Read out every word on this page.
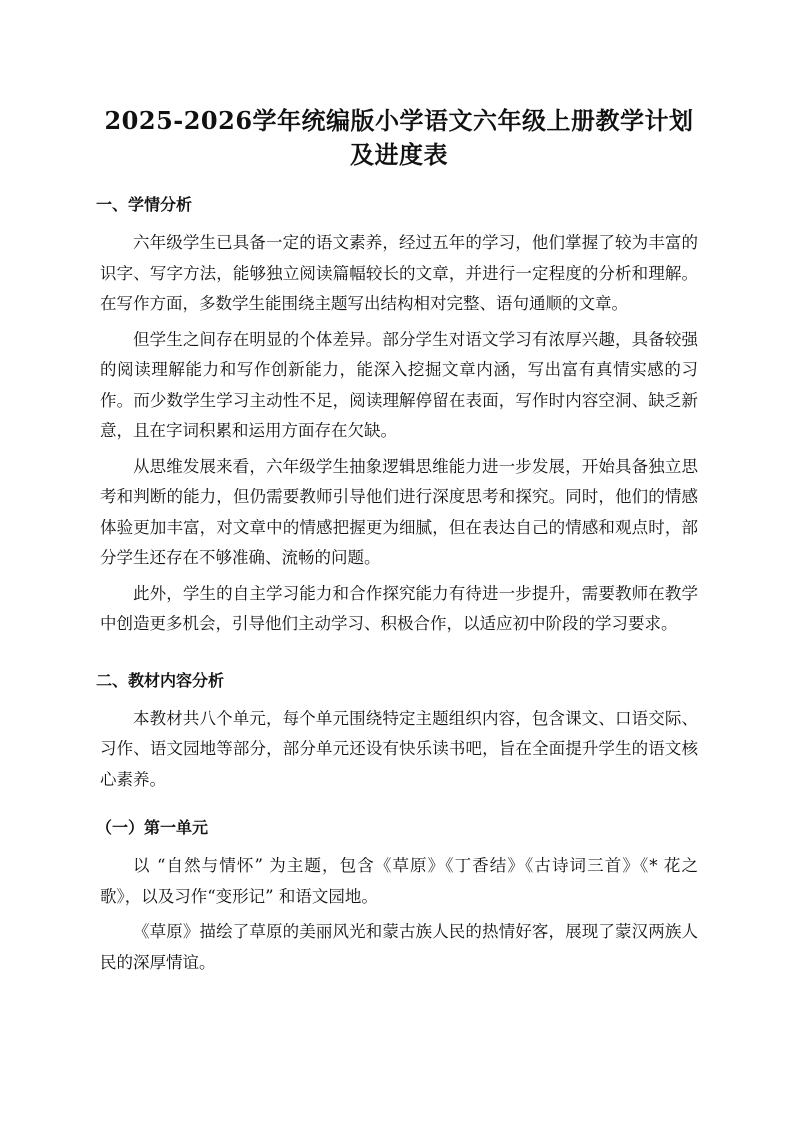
2025-2026学年统编版小学语文六年级上册教学计划及进度表
一、学情分析

六年级学生已具备一定的语文素养，经过五年的学习，他们掌握了较为丰富的识字、写字方法，能够独立阅读篇幅较长的文章，并进行一定程度的分析和理解。在写作方面，多数学生能围绕主题写出结构相对完整、语句通顺的文章。

但学生之间存在明显的个体差异。部分学生对语文学习有浓厚兴趣，具备较强的阅读理解能力和写作创新能力，能深入挖掘文章内涵，写出富有真情实感的习作。而少数学生学习主动性不足，阅读理解停留在表面，写作时内容空洞、缺乏新意，且在字词积累和运用方面存在欠缺。

从思维发展来看，六年级学生抽象逻辑思维能力进一步发展，开始具备独立思考和判断的能力，但仍需要教师引导他们进行深度思考和探究。同时，他们的情感体验更加丰富，对文章中的情感把握更为细腻，但在表达自己的情感和观点时，部分学生还存在不够准确、流畅的问题。

此外，学生的自主学习能力和合作探究能力有待进一步提升，需要教师在教学中创造更多机会，引导他们主动学习、积极合作，以适应初中阶段的学习要求。

二、教材内容分析

本教材共八个单元，每个单元围绕特定主题组织内容，包含课文、口语交际、习作、语文园地等部分，部分单元还设有快乐读书吧，旨在全面提升学生的语文核心素养。

（一）第一单元

以 “自然与情怀” 为主题，包含《草原》《丁香结》《古诗词三首》《* 花之歌》，以及习作“变形记” 和语文园地。

《草原》描绘了草原的美丽风光和蒙古族人民的热情好客，展现了蒙汉两族人民的深厚情谊。
